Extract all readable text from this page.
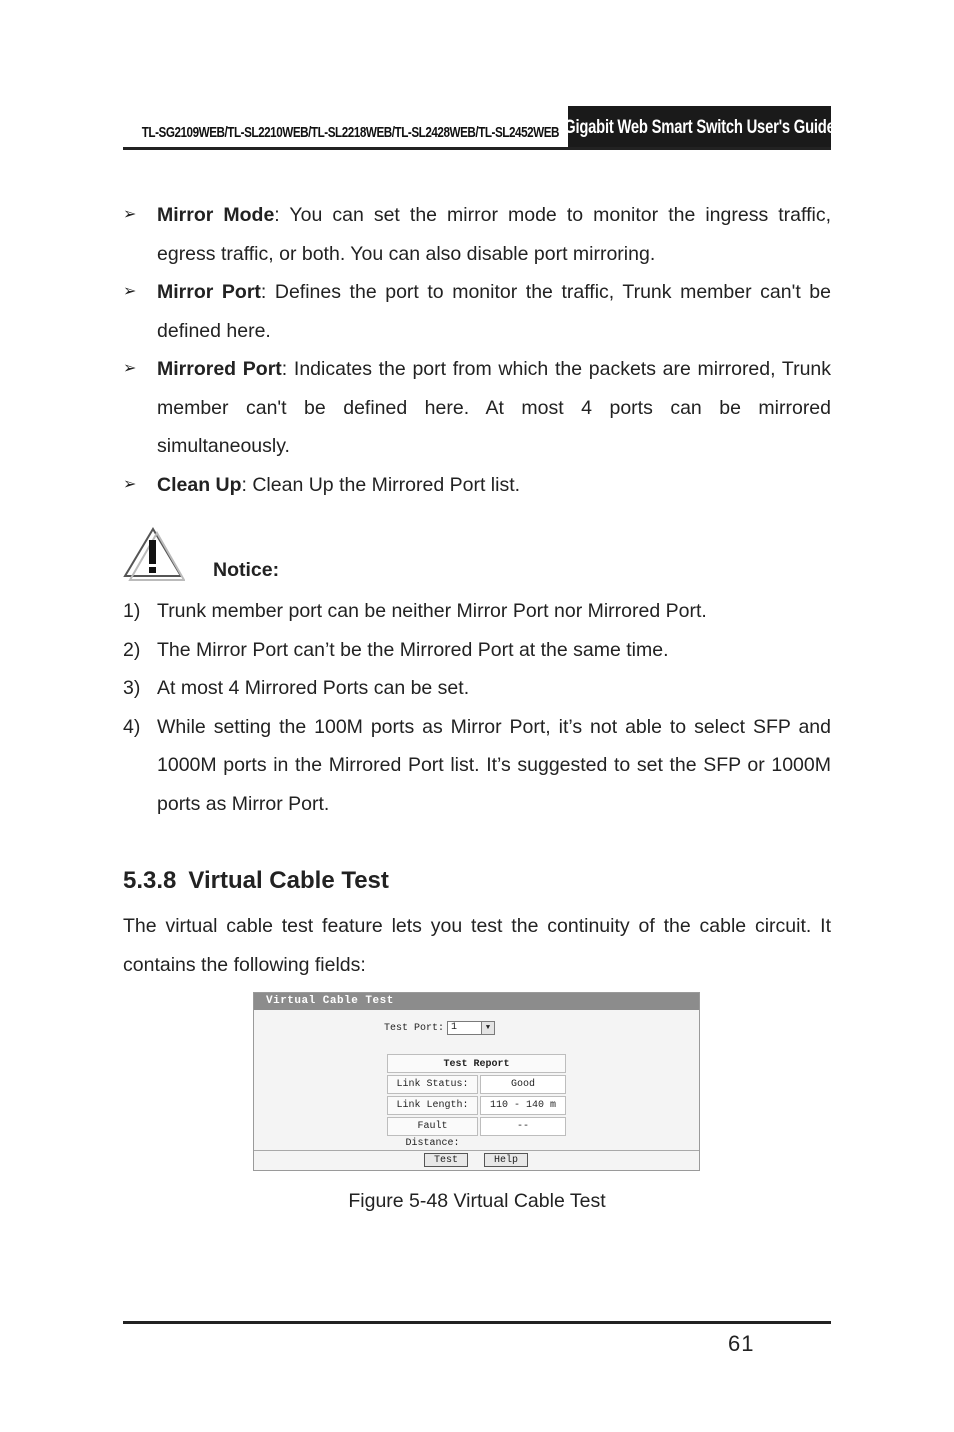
TL-SG2109WEB/TL-SL2210WEB/TL-SL2218WEB/TL-SL2428WEB/TL-SL2452WEB Gigabit Web Smart Switch User's Guide
➢ Mirror Mode: You can set the mirror mode to monitor the ingress traffic, egress traffic, or both. You can also disable port mirroring.
➢ Mirror Port: Defines the port to monitor the traffic, Trunk member can't be defined here.
➢ Mirrored Port: Indicates the port from which the packets are mirrored, Trunk member can't be defined here. At most 4 ports can be mirrored simultaneously.
➢ Clean Up: Clean Up the Mirrored Port list.
Notice:
1) Trunk member port can be neither Mirror Port nor Mirrored Port.
2) The Mirror Port can’t be the Mirrored Port at the same time.
3) At most 4 Mirrored Ports can be set.
4) While setting the 100M ports as Mirror Port, it’s not able to select SFP and 1000M ports in the Mirrored Port list. It’s suggested to set the SFP or 1000M ports as Mirror Port.
5.3.8 Virtual Cable Test
The virtual cable test feature lets you test the continuity of the cable circuit. It contains the following fields:
Virtual Cable Test
Test Port: 1	▼
Test Report
Link Status:	Good
Link Length:	110 - 140 m
Fault Distance:
--
Test	Help
Figure 5-48 Virtual Cable Test
61
